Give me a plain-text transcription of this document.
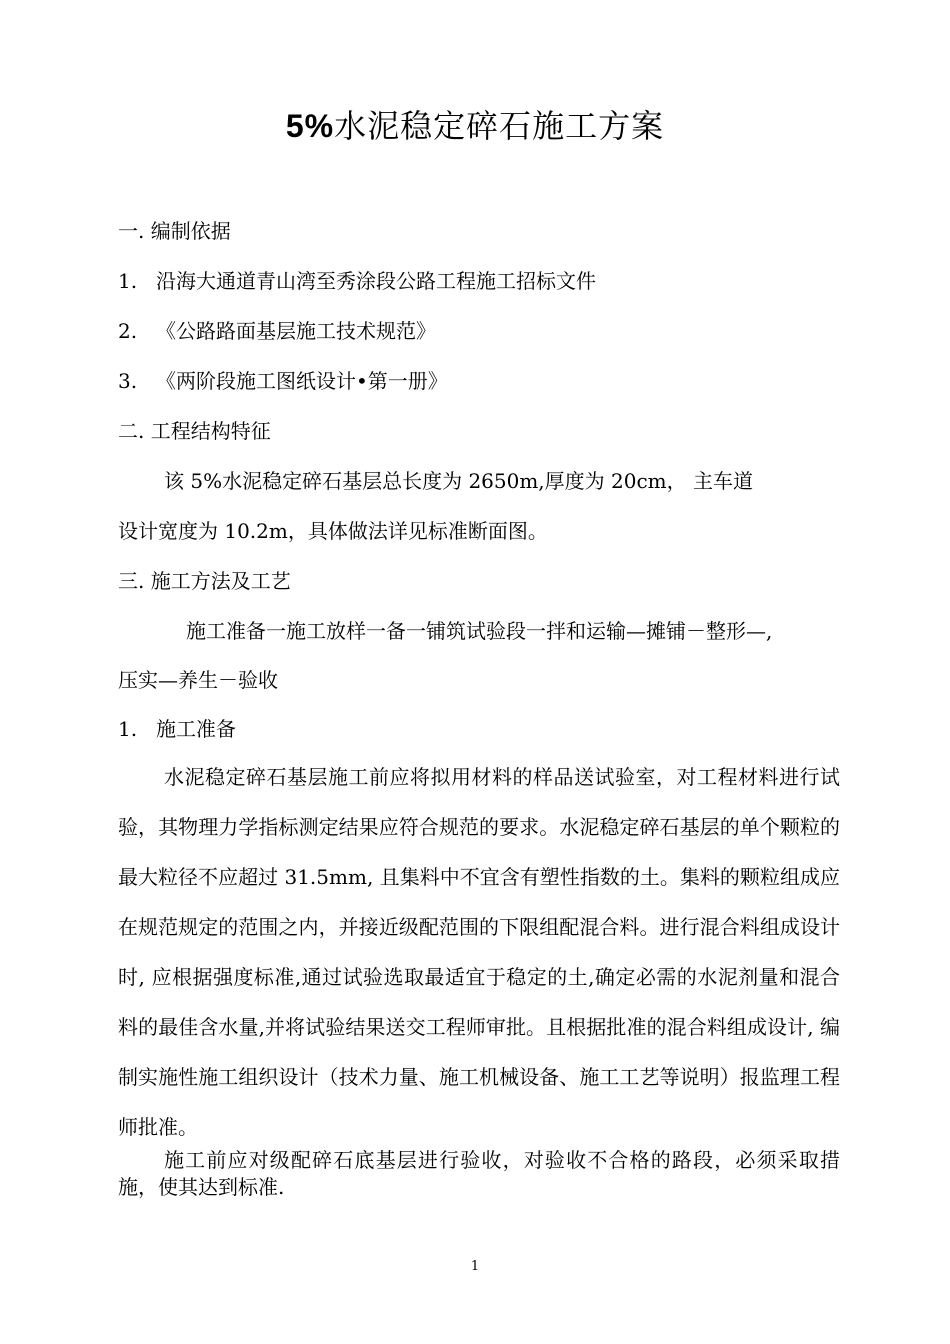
5%水泥稳定碎石施工方案
一. 编制依据
1. 沿海大通道青山湾至秀涂段公路工程施工招标文件
2. 《公路路面基层施工技术规范》
3. 《两阶段施工图纸设计•第一册》
二. 工程结构特征
该 5%水泥稳定碎石基层总长度为 2650m,厚度为 20cm， 主车道
设计宽度为 10.2m，具体做法详见标准断面图。
三. 施工方法及工艺
施工准备一施工放样一备一铺筑试验段一拌和运输—摊铺－整形—,
压实—养生－验收
1. 施工准备
水泥稳定碎石基层施工前应将拟用材料的样品送试验室，对工程材料进行试验，其物理力学指标测定结果应符合规范的要求。水泥稳定碎石基层的单个颗粒的最大粒径不应超过 31.5mm, 且集料中不宜含有塑性指数的土。集料的颗粒组成应在规范规定的范围之内，并接近级配范围的下限组配混合料。进行混合料组成设计时, 应根据强度标准,通过试验选取最适宜于稳定的土,确定必需的水泥剂量和混合料的最佳含水量,并将试验结果送交工程师审批。且根据批准的混合料组成设计, 编制实施性施工组织设计（技术力量、施工机械设备、施工工艺等说明）报监理工程师批准。
施工前应对级配碎石底基层进行验收，对验收不合格的路段，必须采取措施，使其达到标准.
1
